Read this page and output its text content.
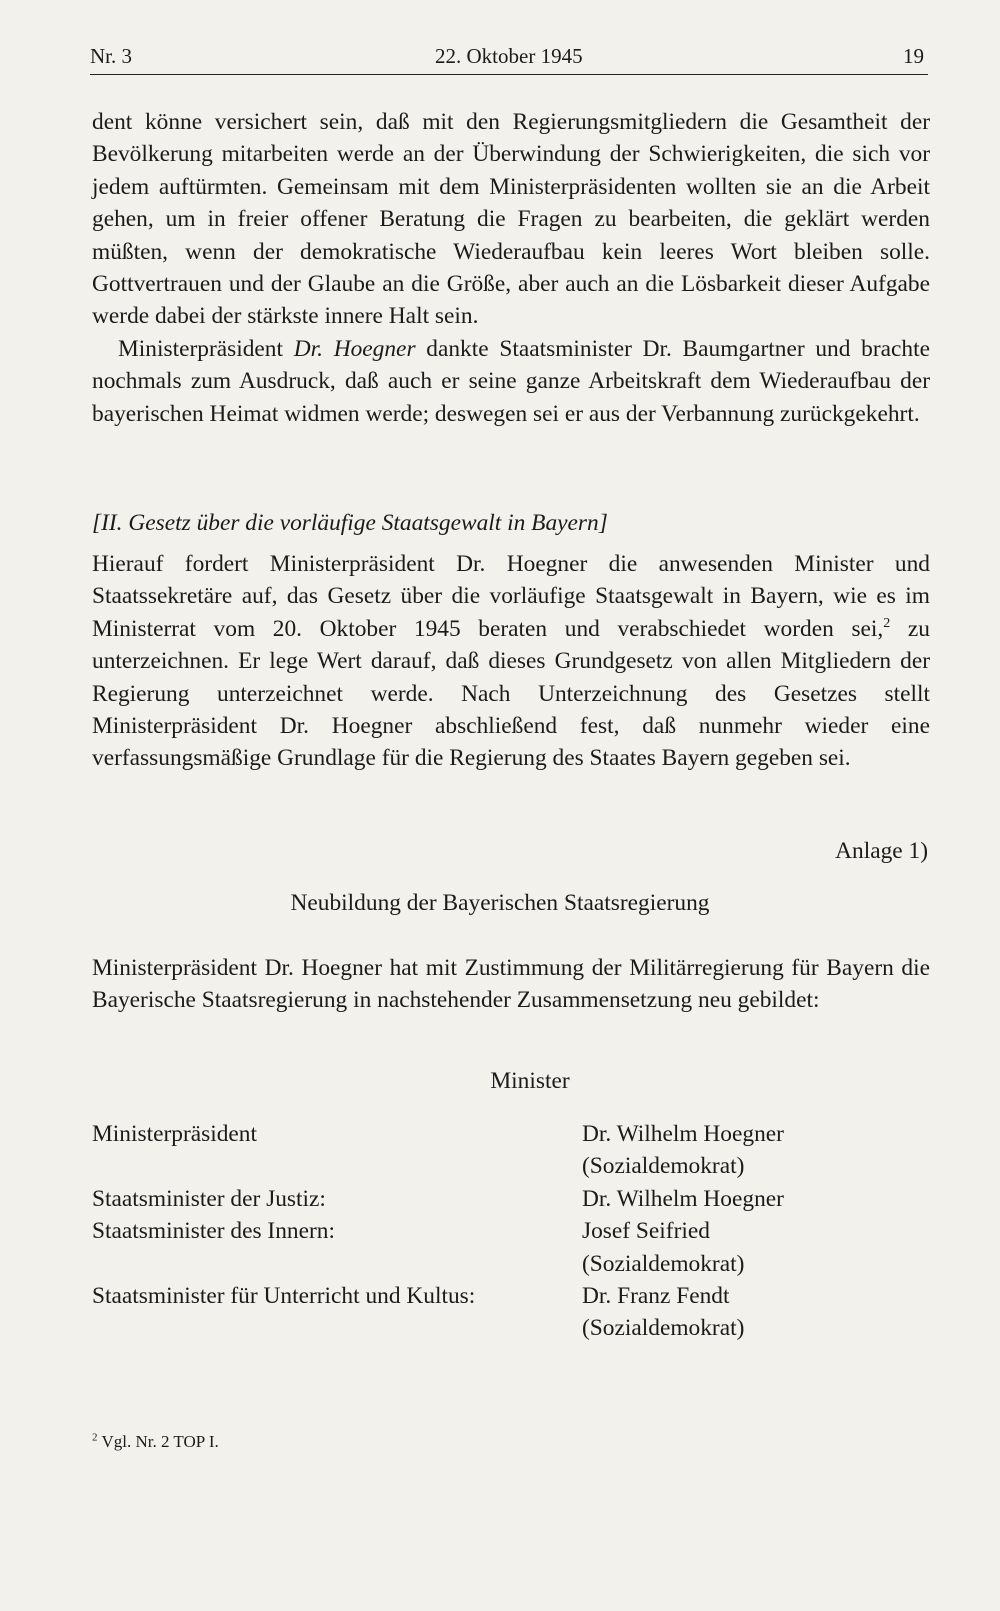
Nr. 3	22. Oktober 1945	19

dent könne versichert sein, daß mit den Regierungsmitgliedern die Gesamtheit der Bevölkerung mitarbeiten werde an der Überwindung der Schwierigkeiten, die sich vor jedem auftürmten. Gemeinsam mit dem Ministerpräsidenten wollten sie an die Arbeit gehen, um in freier offener Beratung die Fragen zu bearbeiten, die geklärt werden müßten, wenn der demokratische Wiederaufbau kein leeres Wort bleiben solle. Gottvertrauen und der Glaube an die Größe, aber auch an die Lösbarkeit dieser Aufgabe werde dabei der stärkste innere Halt sein.

Ministerpräsident Dr. Hoegner dankte Staatsminister Dr. Baumgartner und brachte nochmals zum Ausdruck, daß auch er seine ganze Arbeitskraft dem Wiederaufbau der bayerischen Heimat widmen werde; deswegen sei er aus der Verbannung zurückgekehrt.

[II. Gesetz über die vorläufige Staatsgewalt in Bayern]

Hierauf fordert Ministerpräsident Dr. Hoegner die anwesenden Minister und Staatssekretäre auf, das Gesetz über die vorläufige Staatsgewalt in Bayern, wie es im Ministerrat vom 20. Oktober 1945 beraten und verabschiedet worden sei,$^2$ zu unterzeichnen. Er lege Wert darauf, daß dieses Grundgesetz von allen Mitgliedern der Regierung unterzeichnet werde. Nach Unterzeichnung des Gesetzes stellt Ministerpräsident Dr. Hoegner abschließend fest, daß nunmehr wieder eine verfassungsmäßige Grundlage für die Regierung des Staates Bayern gegeben sei.

Anlage 1)
Neubildung der Bayerischen Staatsregierung

Ministerpräsident Dr. Hoegner hat mit Zustimmung der Militärregierung für Bayern die Bayerische Staatsregierung in nachstehender Zusammensetzung neu gebildet:

Minister
Ministerpräsident	Dr. Wilhelm Hoegner
(Sozialdemokrat)
Staatsminister der Justiz:	Dr. Wilhelm Hoegner
Staatsminister des Innern:	Josef Seifried
(Sozialdemokrat)
Staatsminister für Unterricht und Kultus:	Dr. Franz Fendt
(Sozialdemokrat)
$^2$ Vgl. Nr. 2 TOP I.
